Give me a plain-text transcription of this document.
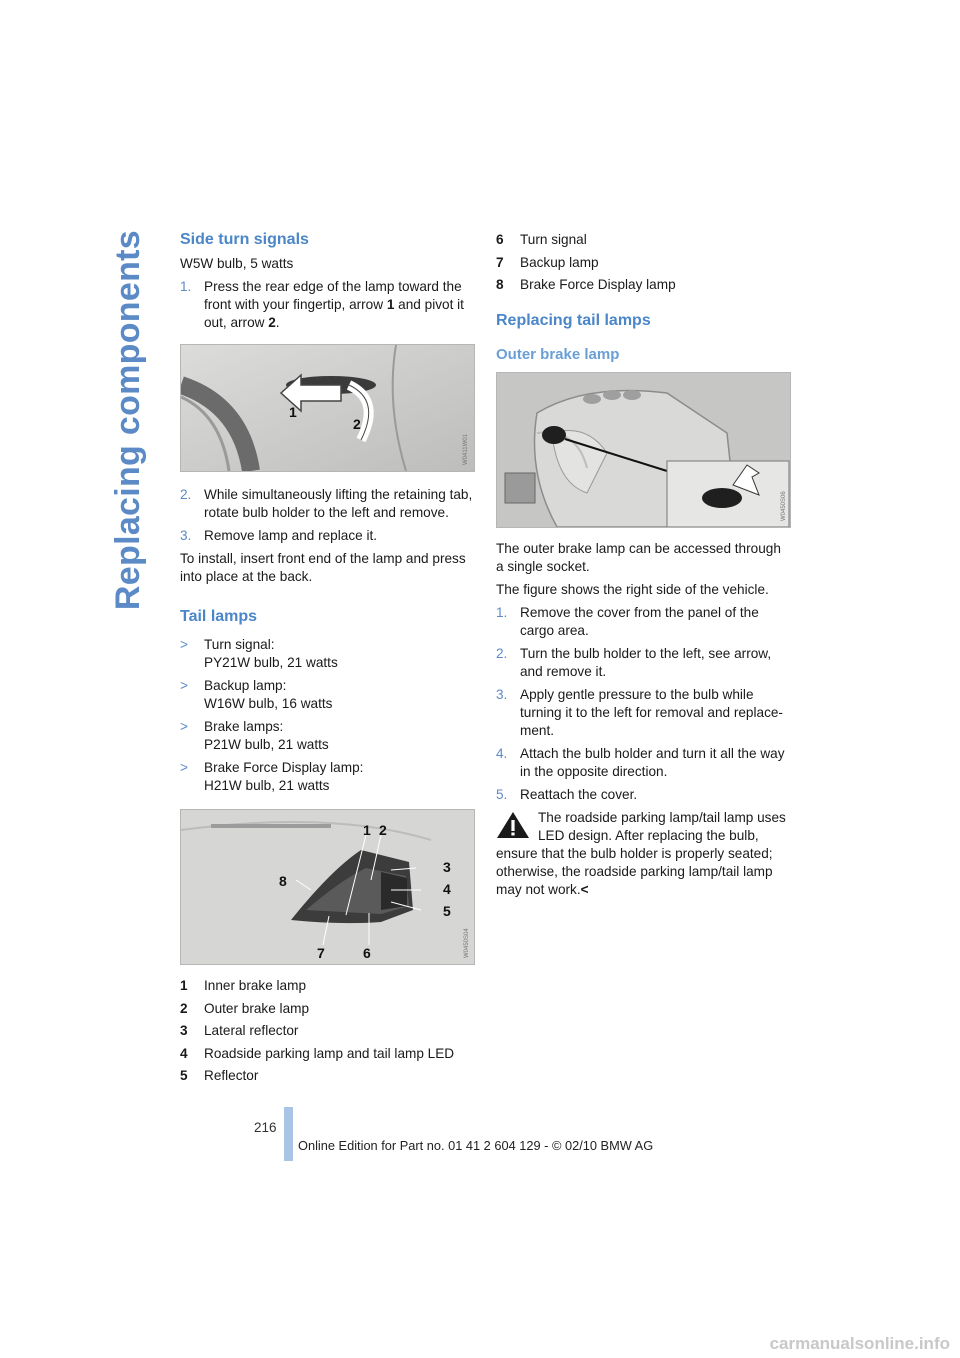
Replacing components Side turn signals

W5W bulb, 5 watts

1. Press the rear edge of the lamp toward the front with your fingertip, arrow 1 and pivot it out, arrow 2.
1
2
W0411W01
2. While simultaneously lifting the retaining tab, rotate bulb holder to the left and remove.
3. Remove lamp and replace it.

To install, insert front end of the lamp and press into place at the back.

Tail lamps
>	Turn signal:
PY21W bulb, 21 watts
>	Backup lamp:
W16W bulb, 16 watts
>	Brake lamps:
P21W bulb, 21 watts
>	Brake Force Display lamp:
H21W bulb, 21 watts
1 2
3
4
5
6
7
8
W0450S04
1	Inner brake lamp
2	Outer brake lamp
3	Lateral reflector
4	Roadside parking lamp and tail lamp LED
5	Reflector
6	Turn signal
7	Backup lamp
8	Brake Force Display lamp
Replacing tail lamps
Outer brake lamp
W0450S06

The outer brake lamp can be accessed through a single socket.

The figure shows the right side of the vehicle.

1. Remove the cover from the panel of the cargo area.
2. Turn the bulb holder to the left, see arrow, and remove it.
3. Apply gentle pressure to the bulb while turning it to the left for removal and replace-ment.
4. Attach the bulb holder and turn it all the way in the opposite direction.
5. Reattach the cover.
The roadside parking lamp/tail lamp uses LED design. After replacing the bulb, ensure that the bulb holder is properly seated; otherwise, the roadside parking lamp/tail lamp may not work.<
216
Online Edition for Part no. 01 41 2 604 129 - © 02/10 BMW AG
carmanualsonline.info
